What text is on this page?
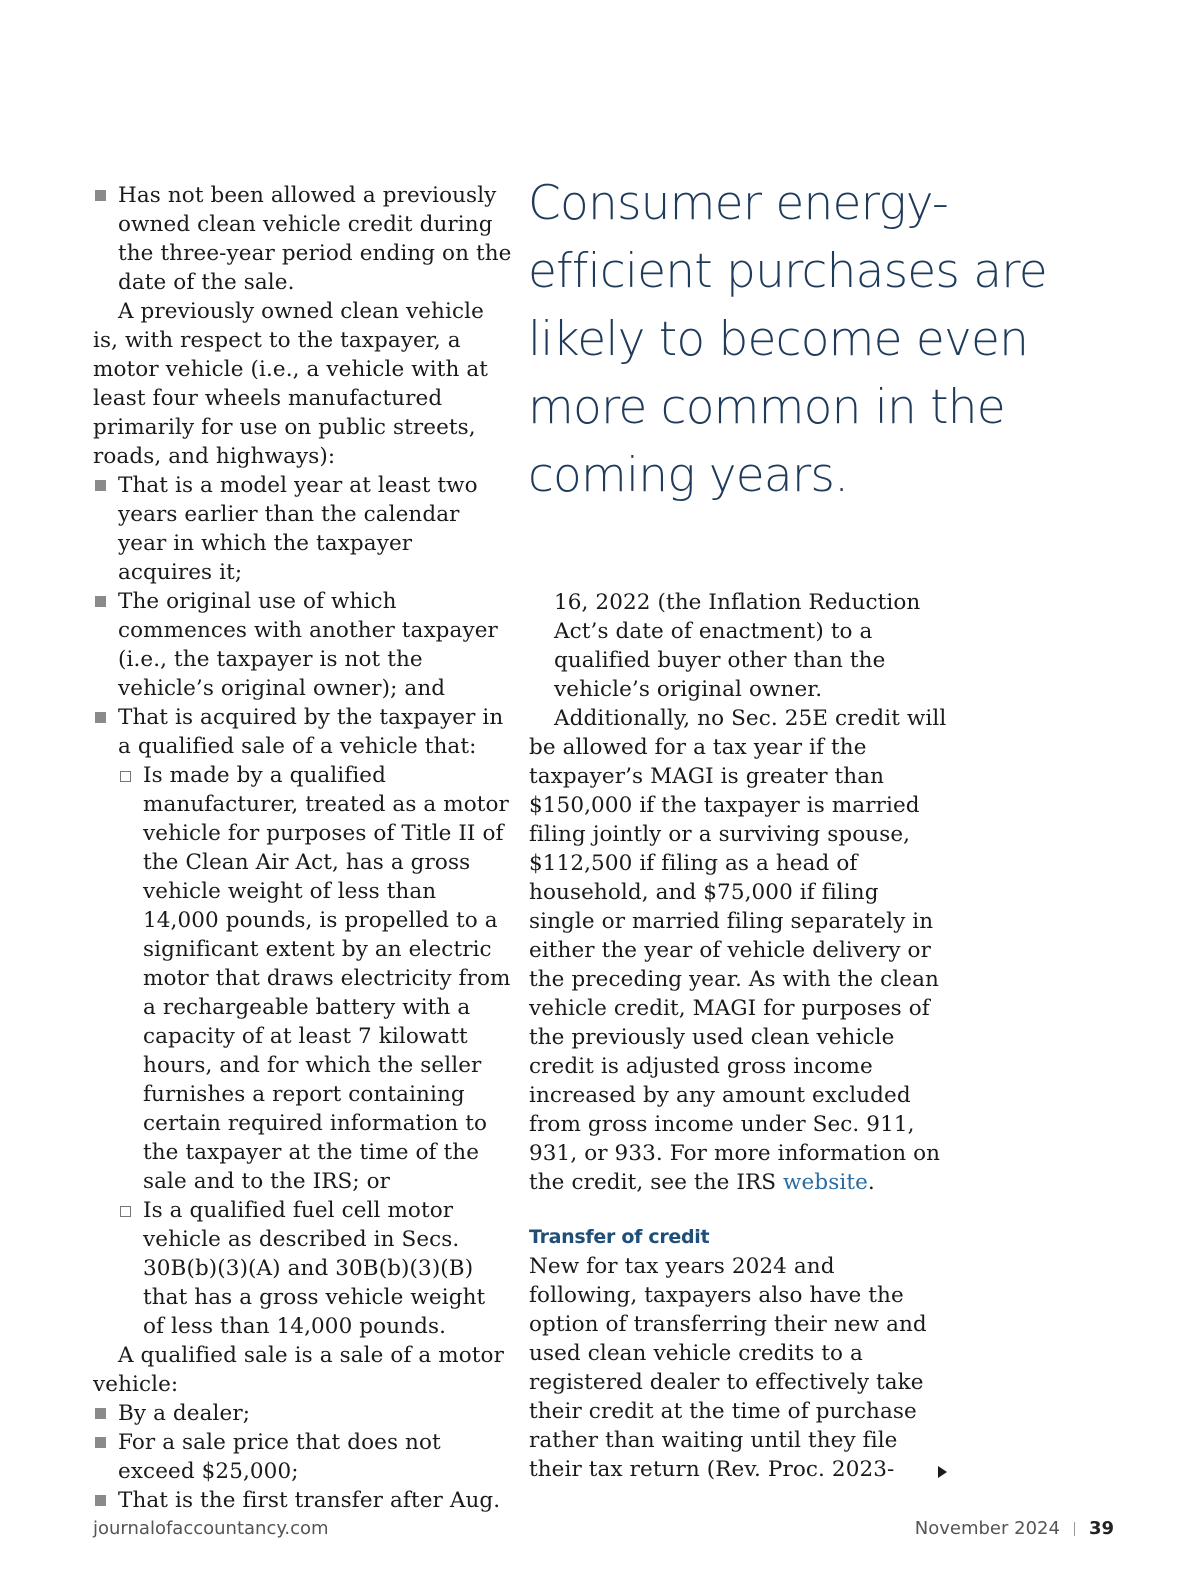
Has not been allowed a previously owned clean vehicle credit during the three-year period ending on the date of the sale.
A previously owned clean vehicle is, with respect to the taxpayer, a motor vehicle (i.e., a vehicle with at least four wheels manufactured primarily for use on public streets, roads, and highways):
That is a model year at least two years earlier than the calendar year in which the taxpayer acquires it;
The original use of which commences with another taxpayer (i.e., the taxpayer is not the vehicle’s original owner); and
That is acquired by the taxpayer in a qualified sale of a vehicle that:
Is made by a qualified manufacturer, treated as a motor vehicle for purposes of Title II of the Clean Air Act, has a gross vehicle weight of less than 14,000 pounds, is propelled to a significant extent by an electric motor that draws electricity from a rechargeable battery with a capacity of at least 7 kilowatt hours, and for which the seller furnishes a report containing certain required information to the taxpayer at the time of the sale and to the IRS; or
Is a qualified fuel cell motor vehicle as described in Secs. 30B(b)(3)(A) and 30B(b)(3)(B) that has a gross vehicle weight of less than 14,000 pounds.
A qualified sale is a sale of a motor vehicle:
By a dealer;
For a sale price that does not exceed $25,000;
That is the first transfer after Aug.
Consumer energy-efficient purchases are likely to become even more common in the coming years.
16, 2022 (the Inflation Reduction Act’s date of enactment) to a qualified buyer other than the vehicle’s original owner.
Additionally, no Sec. 25E credit will be allowed for a tax year if the taxpayer’s MAGI is greater than $150,000 if the taxpayer is married filing jointly or a surviving spouse, $112,500 if filing as a head of household, and $75,000 if filing single or married filing separately in either the year of vehicle delivery or the preceding year. As with the clean vehicle credit, MAGI for purposes of the previously used clean vehicle credit is adjusted gross income increased by any amount excluded from gross income under Sec. 911, 931, or 933. For more information on the credit, see the IRS website.
Transfer of credit
New for tax years 2024 and following, taxpayers also have the option of transferring their new and used clean vehicle credits to a registered dealer to effectively take their credit at the time of purchase rather than waiting until they file their tax return (Rev. Proc. 2023-
journalofaccountancy.com	November 2024 39
